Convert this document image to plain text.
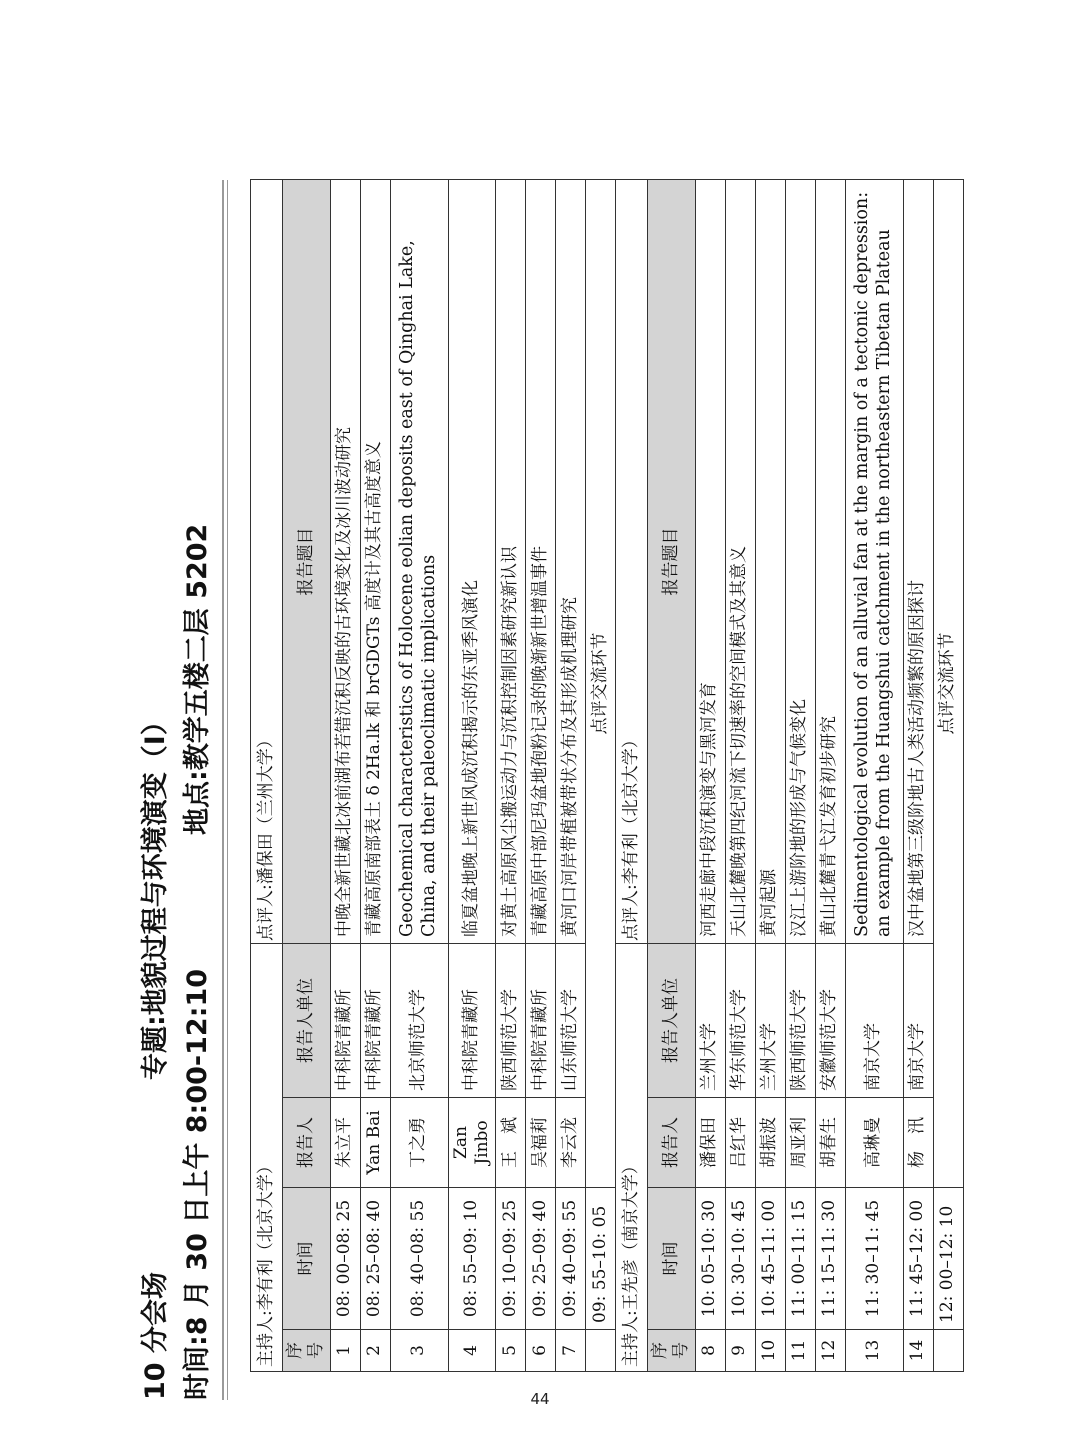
10 分会场
专题:地貌过程与环境演变（I）
时间:8 月 30 日上午 8:00-12:10
地点:教学五楼二层 5202
主持人:李有利（北京大学）				点评人:潘保田（兰州大学）
序号	时间	报告人	报告人单位	报告题目
1	08: 00–08: 25	朱立平	中科院青藏所	中晚全新世藏北冰前湖布若错沉积反映的古环境变化及冰川波动研究
2	08: 25–08: 40	Yan Bai	中科院青藏所	青藏高原南部表土 δ 2Ha.lk 和 brGDGTs 高度计及其古高度意义
3	08: 40–08: 55	丁之勇	北京师范大学	Geochemical characteristics of Holocene eolian deposits east of Qinghai Lake, China, and their paleoclimatic implications
4	08: 55–09: 10	Zan Jinbo	中科院青藏所	临夏盆地晚上新世风成沉积揭示的东亚季风演化
5	09: 10–09: 25	王　斌	陕西师范大学	对黄土高原风尘搬运动力与沉积控制因素研究新认识
6	09: 25–09: 40	吴福莉	中科院青藏所	青藏高原中部尼玛盆地孢粉记录的晚渐新世增温事件
7	09: 40–09: 55	李云龙	山东师范大学	黄河口河岸带植被带状分布及其形成机理研究
	09: 55–10: 05	点评交流环节		
主持人:王先彦（南京大学）				点评人:李有利（北京大学）
序号	时间	报告人	报告人单位	报告题目
8	10: 05–10: 30	潘保田	兰州大学	河西走廊中段沉积演变与黑河发育
9	10: 30–10: 45	吕红华	华东师范大学	天山北麓晚第四纪河流下切速率的空间模式及其意义
10	10: 45–11: 00	胡振波	兰州大学	黄河起源
11	11: 00–11: 15	周亚利	陕西师范大学	汉江上游阶地的形成与气候变化
12	11: 15–11: 30	胡春生	安徽师范大学	黄山北麓青弋江发育初步研究
13	11: 30–11: 45	高琳曼	南京大学	Sedimentological evolution of an alluvial fan at the margin of a tectonic depression: an example from the Huangshui catchment in the northeastern Tibetan Plateau
14	11: 45–12: 00	杨　汛	南京大学	汉中盆地第三级阶地古人类活动频繁的原因探讨
	12: 00–12: 10	点评交流环节		
44
